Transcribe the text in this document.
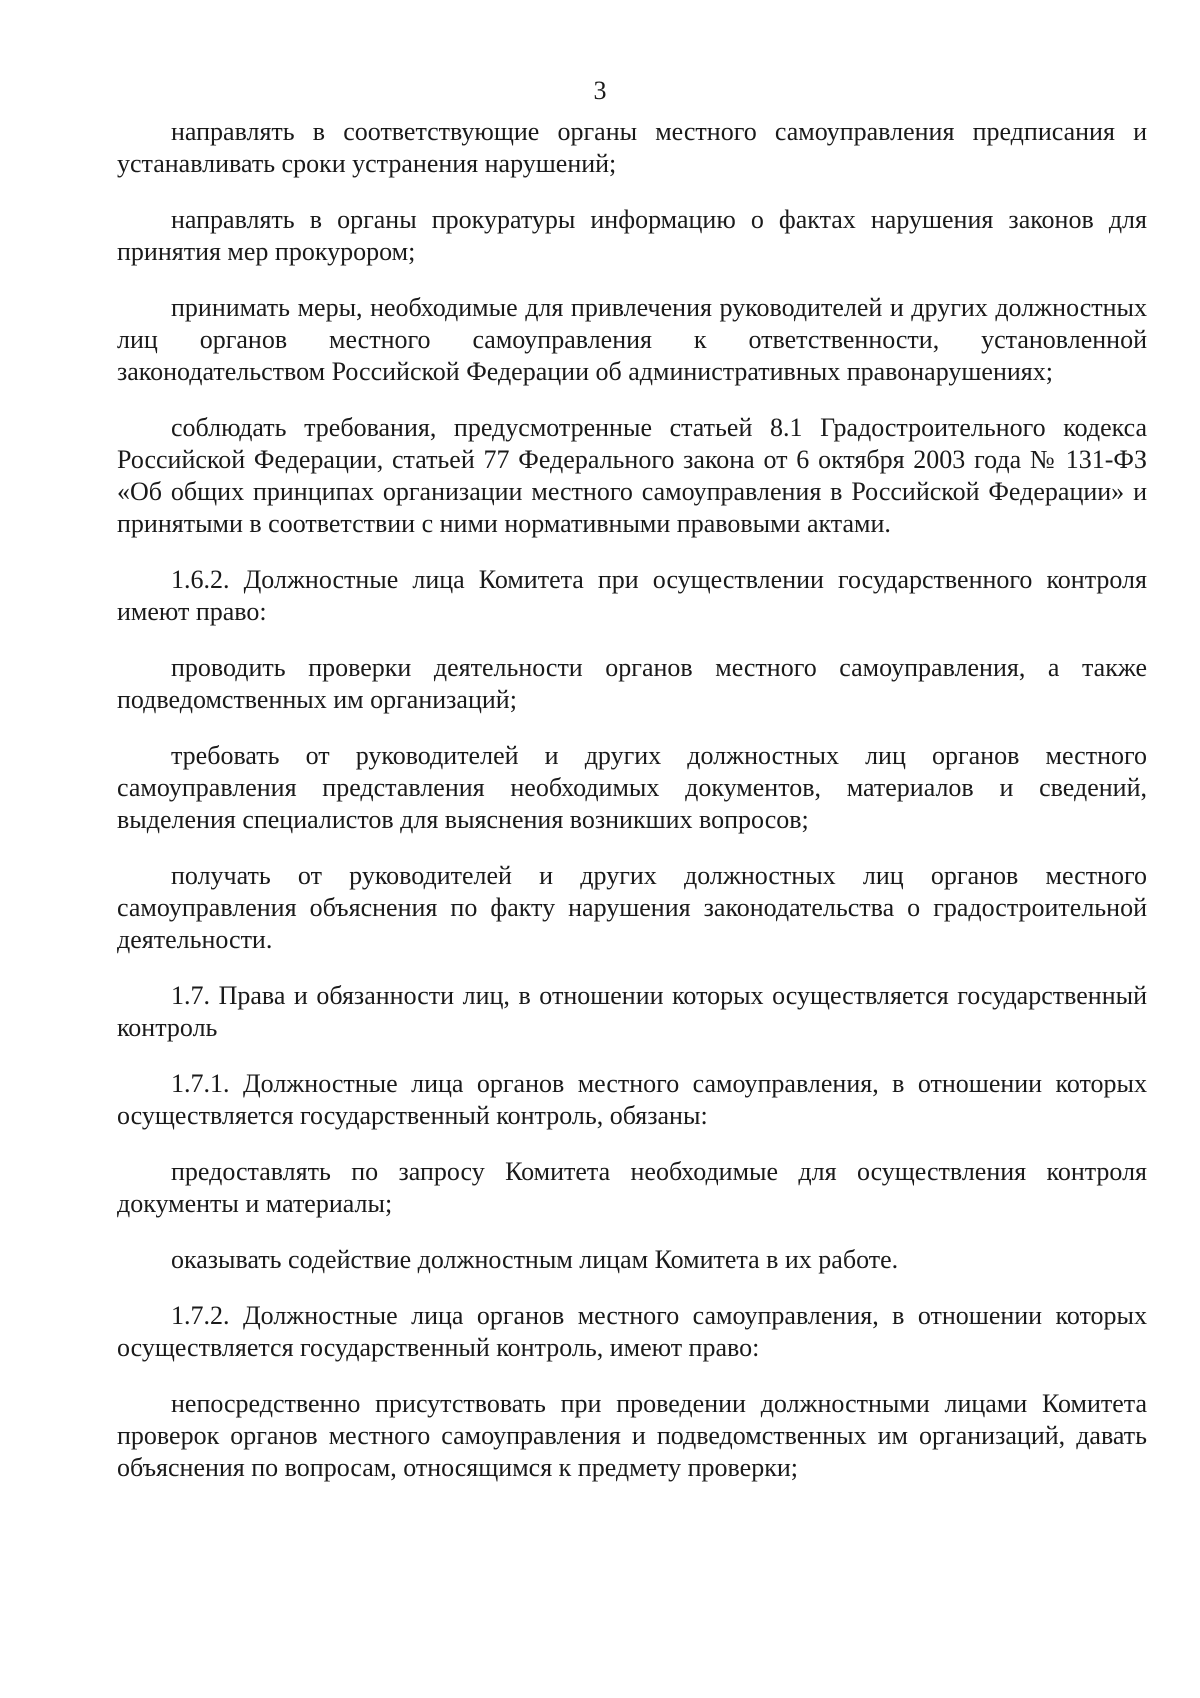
3

направлять в соответствующие органы местного самоуправления предписания и устанавливать сроки устранения нарушений;

направлять в органы прокуратуры информацию о фактах нарушения законов для принятия мер прокурором;

принимать меры, необходимые для привлечения руководителей и других должностных лиц органов местного самоуправления к ответственности, установленной законодательством Российской Федерации об административных правонарушениях;

соблюдать требования, предусмотренные статьей 8.1 Градостроительного кодекса Российской Федерации, статьей 77 Федерального закона от 6 октября 2003 года № 131-ФЗ «Об общих принципах организации местного самоуправления в Российской Федерации» и принятыми в соответствии с ними нормативными правовыми актами.

1.6.2. Должностные лица Комитета при осуществлении государственного контроля имеют право:

проводить проверки деятельности органов местного самоуправления, а также подведомственных им организаций;

требовать от руководителей и других должностных лиц органов местного самоуправления представления необходимых документов, материалов и сведений, выделения специалистов для выяснения возникших вопросов;

получать от руководителей и других должностных лиц органов местного самоуправления объяснения по факту нарушения законодательства о градостроительной деятельности.

1.7. Права и обязанности лиц, в отношении которых осуществляется государственный контроль

1.7.1. Должностные лица органов местного самоуправления, в отношении которых осуществляется государственный контроль, обязаны:

предоставлять по запросу Комитета необходимые для осуществления контроля документы и материалы;

оказывать содействие должностным лицам Комитета в их работе.

1.7.2. Должностные лица органов местного самоуправления, в отношении которых осуществляется государственный контроль, имеют право:

непосредственно присутствовать при проведении должностными лицами Комитета проверок органов местного самоуправления и подведомственных им организаций, давать объяснения по вопросам, относящимся к предмету проверки;
